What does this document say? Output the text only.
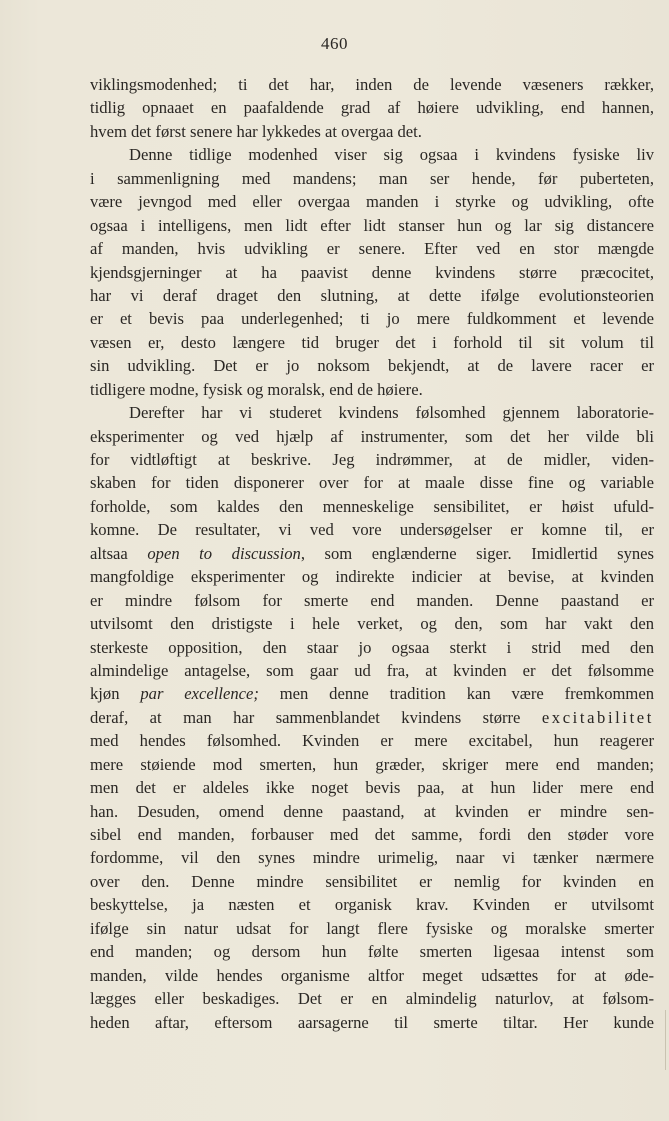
460
viklingsmodenhed; ti det har, inden de levende væseners rækker,
tidlig opnaaet en paafaldende grad af høiere udvikling, end hannen,
hvem det først senere har lykkedes at overgaa det.
Denne tidlige modenhed viser sig ogsaa i kvindens fysiske liv
i sammenligning med mandens; man ser hende, før puberteten,
være jevngod med eller overgaa manden i styrke og udvikling, ofte
ogsaa i intelligens, men lidt efter lidt stanser hun og lar sig distancere
af manden, hvis udvikling er senere. Efter ved en stor mængde
kjendsgjerninger at ha paavist denne kvindens større præcocitet,
har vi deraf draget den slutning, at dette ifølge evolutionsteorien
er et bevis paa underlegenhed; ti jo mere fuldkomment et levende
væsen er, desto længere tid bruger det i forhold til sit volum til
sin udvikling. Det er jo noksom bekjendt, at de lavere racer er
tidligere modne, fysisk og moralsk, end de høiere.
Derefter har vi studeret kvindens følsomhed gjennem laboratorie-
eksperimenter og ved hjælp af instrumenter, som det her vilde bli
for vidtløftigt at beskrive. Jeg indrømmer, at de midler, viden-
skaben for tiden disponerer over for at maale disse fine og variable
forholde, som kaldes den menneskelige sensibilitet, er høist ufuld-
komne. De resultater, vi ved vore undersøgelser er komne til, er
altsaa open to discussion, som englænderne siger. Imidlertid synes
mangfoldige eksperimenter og indirekte indicier at bevise, at kvinden
er mindre følsom for smerte end manden. Denne paastand er
utvilsomt den dristigste i hele verket, og den, som har vakt den
sterkeste opposition, den staar jo ogsaa sterkt i strid med den
almindelige antagelse, som gaar ud fra, at kvinden er det følsomme
kjøn par excellence; men denne tradition kan være fremkommen
deraf, at man har sammenblandet kvindens større excitabilitet
med hendes følsomhed. Kvinden er mere excitabel, hun reagerer
mere støiende mod smerten, hun græder, skriger mere end manden;
men det er aldeles ikke noget bevis paa, at hun lider mere end
han. Desuden, omend denne paastand, at kvinden er mindre sen-
sibel end manden, forbauser med det samme, fordi den støder vore
fordomme, vil den synes mindre urimelig, naar vi tænker nærmere
over den. Denne mindre sensibilitet er nemlig for kvinden en
beskyttelse, ja næsten et organisk krav. Kvinden er utvilsomt
ifølge sin natur udsat for langt flere fysiske og moralske smerter
end manden; og dersom hun følte smerten ligesaa intenst som
manden, vilde hendes organisme altfor meget udsættes for at øde-
lægges eller beskadiges. Det er en almindelig naturlov, at følsom-
heden aftar, eftersom aarsagerne til smerte tiltar. Her kunde
